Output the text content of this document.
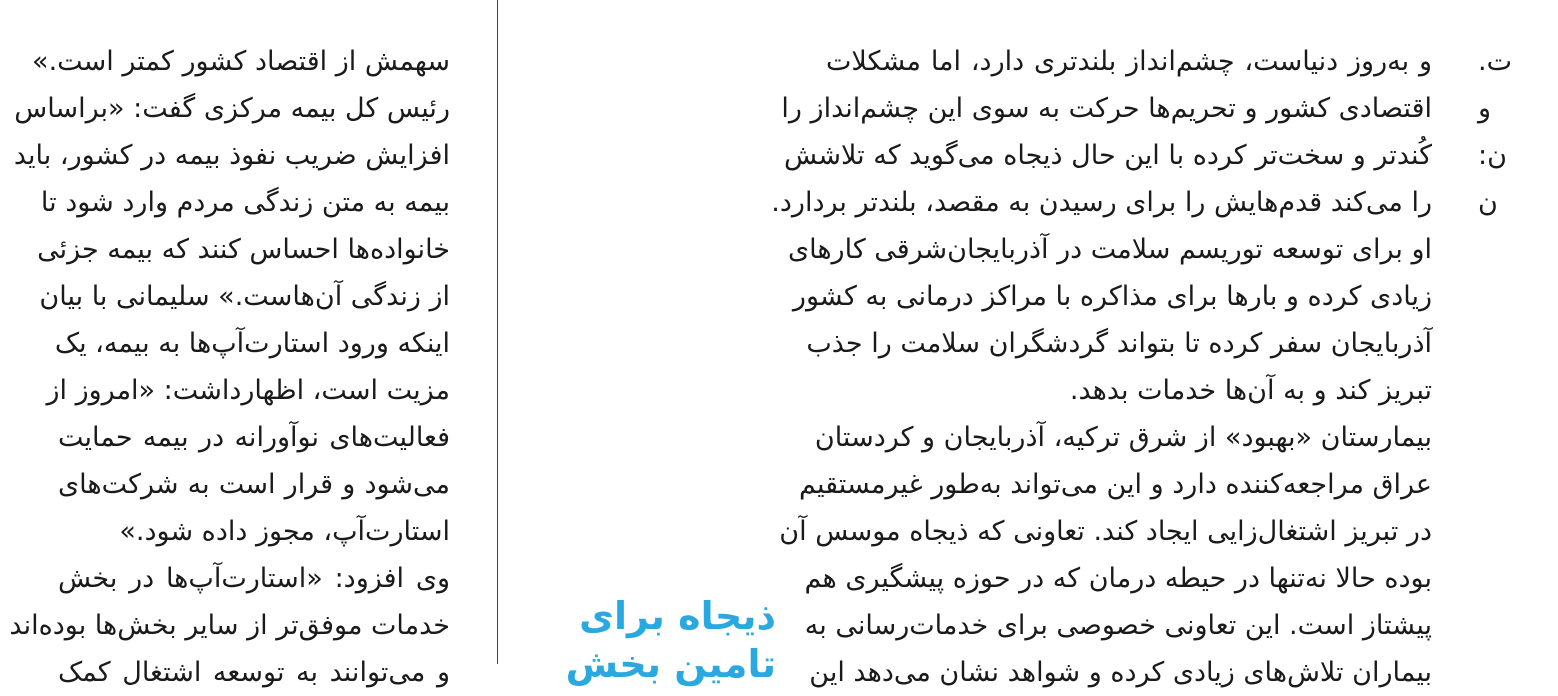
سهمش از اقتصاد کشور کمتر است.»
رئیس کل بیمه مرکزی گفت: «براساس
افزایش ضریب نفوذ بیمه در کشور، باید
بیمه به متن زندگی مردم وارد شود تا
خانواده‌ها احساس کنند که بیمه جزئی
از زندگی آن‌هاست.» سلیمانی با بیان
اینکه ورود استارت‌آپ‌ها به بیمه، یک
مزیت است، اظهارداشت: «امروز از
فعالیت‌های نوآورانه در بیمه حمایت
می‌شود و قرار است به شرکت‌های
استارت‌آپ، مجوز داده شود.»
وی افزود: «استارت‌آپ‌ها در بخش
خدمات موفق‌تر از سایر بخش‌ها بوده‌اند
و می‌توانند به توسعه اشتغال کمک
و به‌روز دنیاست، چشم‌انداز بلندتری دارد، اما مشکلات
اقتصادی کشور و تحریم‌ها حرکت به سوی این چشم‌انداز را
کُندتر و سخت‌تر کرده با این حال ذیجاه می‌گوید که تلاشش
را می‌کند قدم‌هایش را برای رسیدن به مقصد، بلندتر بردارد.
او برای توسعه توریسم سلامت در آذربایجان‌شرقی کارهای
زیادی کرده و بارها برای مذاکره با مراکز درمانی به کشور
آذربایجان سفر کرده تا بتواند گردشگران سلامت را جذب
تبریز کند و به آن‌ها خدمات بدهد.
بیمارستان «بهبود» از شرق ترکیه، آذربایجان و کردستان
عراق مراجعه‌کننده دارد و این می‌تواند به‌طور غیرمستقیم
در تبریز اشتغال‌زایی ایجاد کند. تعاونی که ذیجاه موسس آن
بوده حالا نه‌تنها در حیطه درمان که در حوزه پیشگیری هم
پیشتاز است. این تعاونی خصوصی برای خدمات‌رسانی به
بیماران تلاش‌های زیادی کرده و شواهد نشان می‌دهد این
ت.
و
ن:
ن
ذیجاه برای
تامین بخش
